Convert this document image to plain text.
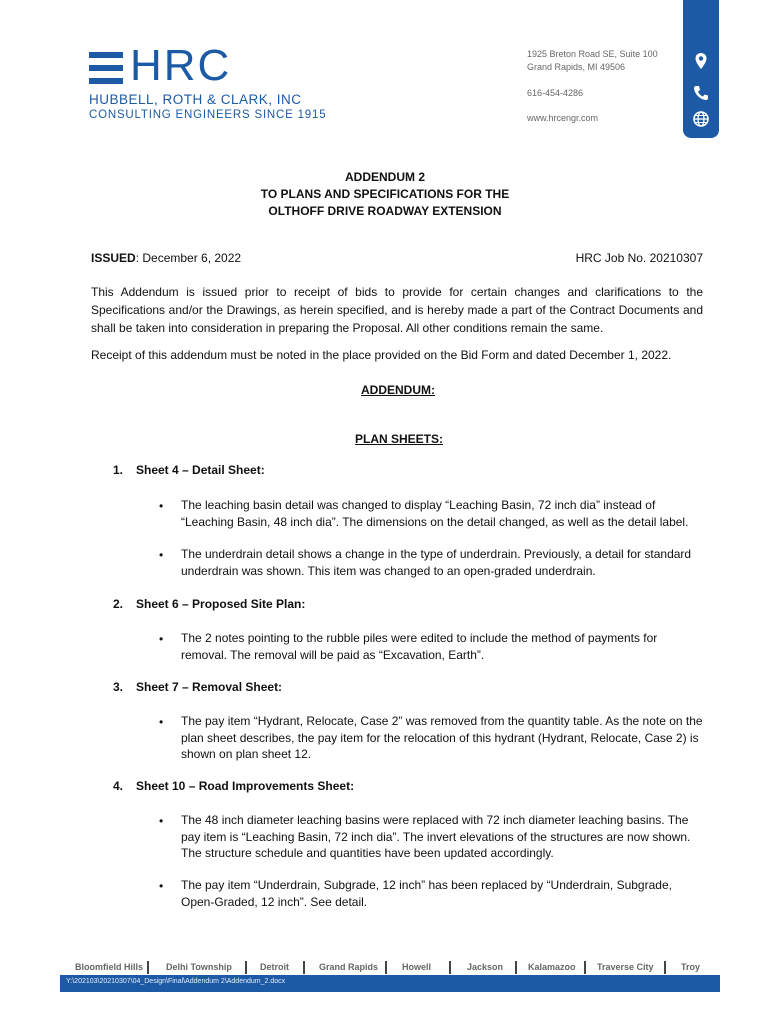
HRC
HUBBELL, ROTH & CLARK, INC
CONSULTING ENGINEERS SINCE 1915
1925 Breton Road SE, Suite 100
Grand Rapids, MI 49506
616-454-4286
www.hrcengr.com
ADDENDUM 2
TO PLANS AND SPECIFICATIONS FOR THE
OLTHOFF DRIVE ROADWAY EXTENSION
ISSUED: December 6, 2022	HRC Job No. 20210307
This Addendum is issued prior to receipt of bids to provide for certain changes and clarifications to the Specifications and/or the Drawings, as herein specified, and is hereby made a part of the Contract Documents and shall be taken into consideration in preparing the Proposal. All other conditions remain the same.
Receipt of this addendum must be noted in the place provided on the Bid Form and dated December 1, 2022.
ADDENDUM:
PLAN SHEETS:
1. Sheet 4 – Detail Sheet:
• The leaching basin detail was changed to display “Leaching Basin, 72 inch dia” instead of “Leaching Basin, 48 inch dia”. The dimensions on the detail changed, as well as the detail label.
• The underdrain detail shows a change in the type of underdrain. Previously, a detail for standard underdrain was shown. This item was changed to an open-graded underdrain.
2. Sheet 6 – Proposed Site Plan:
• The 2 notes pointing to the rubble piles were edited to include the method of payments for removal. The removal will be paid as “Excavation, Earth”.
3. Sheet 7 – Removal Sheet:
• The pay item “Hydrant, Relocate, Case 2” was removed from the quantity table. As the note on the plan sheet describes, the pay item for the relocation of this hydrant (Hydrant, Relocate, Case 2) is shown on plan sheet 12.
4. Sheet 10 – Road Improvements Sheet:
• The 48 inch diameter leaching basins were replaced with 72 inch diameter leaching basins. The pay item is “Leaching Basin, 72 inch dia”. The invert elevations of the structures are now shown. The structure schedule and quantities have been updated accordingly.
• The pay item “Underdrain, Subgrade, 12 inch” has been replaced by “Underdrain, Subgrade, Open-Graded, 12 inch”. See detail.
Bloomfield Hills	Delhi Township	Detroit	Grand Rapids	Howell	Jackson	Kalamazoo Traverse City	Troy
Y:\202103\20210307\04_Design\Final\Addendum 2\Addendum_2.docx
